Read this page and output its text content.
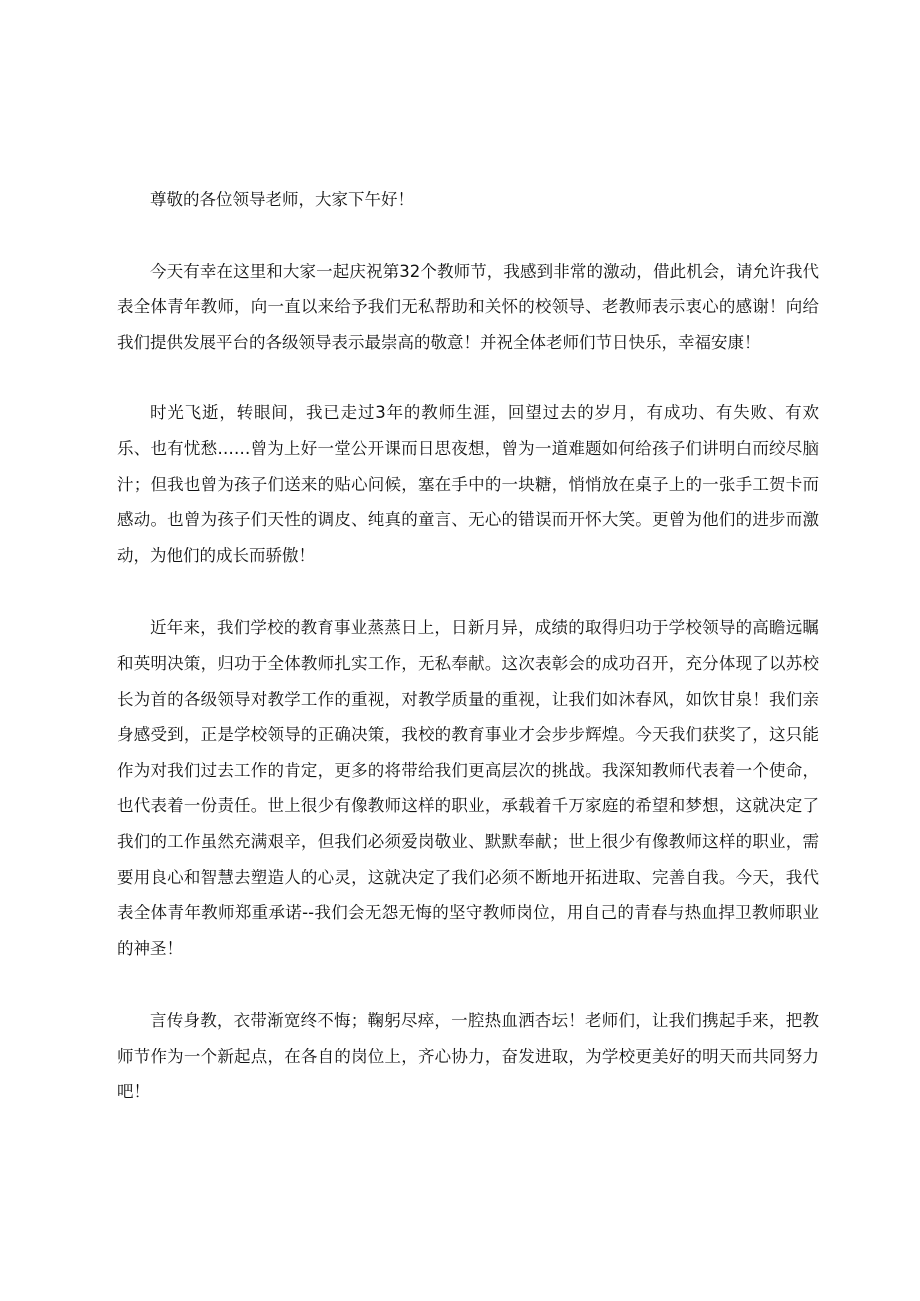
尊敬的各位领导老师，大家下午好！

今天有幸在这里和大家一起庆祝第32个教师节，我感到非常的激动，借此机会，请允许我代表全体青年教师，向一直以来给予我们无私帮助和关怀的校领导、老教师表示衷心的感谢！向给我们提供发展平台的各级领导表示最崇高的敬意！并祝全体老师们节日快乐，幸福安康！

时光飞逝，转眼间，我已走过3年的教师生涯，回望过去的岁月，有成功、有失败、有欢乐、也有忧愁……曾为上好一堂公开课而日思夜想，曾为一道难题如何给孩子们讲明白而绞尽脑汁；但我也曾为孩子们送来的贴心问候，塞在手中的一块糖，悄悄放在桌子上的一张手工贺卡而感动。也曾为孩子们天性的调皮、纯真的童言、无心的错误而开怀大笑。更曾为他们的进步而激动，为他们的成长而骄傲！

近年来，我们学校的教育事业蒸蒸日上，日新月异，成绩的取得归功于学校领导的高瞻远瞩和英明决策，归功于全体教师扎实工作，无私奉献。这次表彰会的成功召开，充分体现了以苏校长为首的各级领导对教学工作的重视，对教学质量的重视，让我们如沐春风，如饮甘泉！我们亲身感受到，正是学校领导的正确决策，我校的教育事业才会步步辉煌。今天我们获奖了，这只能作为对我们过去工作的肯定，更多的将带给我们更高层次的挑战。我深知教师代表着一个使命，也代表着一份责任。世上很少有像教师这样的职业，承载着千万家庭的希望和梦想，这就决定了我们的工作虽然充满艰辛，但我们必须爱岗敬业、默默奉献；世上很少有像教师这样的职业，需要用良心和智慧去塑造人的心灵，这就决定了我们必须不断地开拓进取、完善自我。今天，我代表全体青年教师郑重承诺--我们会无怨无悔的坚守教师岗位，用自己的青春与热血捍卫教师职业的神圣！

言传身教，衣带渐宽终不悔；鞠躬尽瘁，一腔热血洒杏坛！老师们，让我们携起手来，把教师节作为一个新起点，在各自的岗位上，齐心协力，奋发进取，为学校更美好的明天而共同努力吧！
